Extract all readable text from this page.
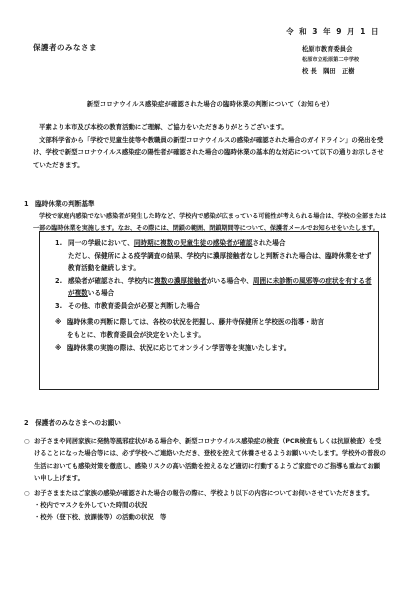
令 和 3 年 9 月 1 日
保護者のみなさま	松原市教育委員会
松原市立松原第二中学校
校 長　隅田　正樹
新型コロナウイルス感染症が確認された場合の臨時休業の判断について（お知らせ）

平素より本市及び本校の教育活動にご理解、ご協力をいただきありがとうございます。

文部科学省から「学校で児童生徒等や教職員の新型コロナウイルスの感染が確認された場合のガイドライン」の発出を受け、学校で新型コロナウイルス感染症の陽性者が確認された場合の臨時休業の基本的な対応について以下の通りお示しさせていただきます。

1　臨時休業の判断基準
学校で家庭内感染でない感染者が発生した時など、学校内で感染が広まっている可能性が考えられる場合は、学校の全部または一部の臨時休業を実施します。なお、その際には、閉鎖の範囲、閉鎖期間等について、保護者メールでお知らせをいたします。
1. 同一の学級において、同時期に複数の児童生徒の感染者が確認された場合
ただし、保健所による疫学調査の結果、学校内に濃厚接触者なしと判断された場合は、臨時休業をせず教育活動を継続します。
2. 感染者が確認され、学校内に複数の濃厚接触者がいる場合や、周囲に未診断の風邪等の症状を有する者が複数いる場合
3. その他、市教育委員会が必要と判断した場合
※ 臨時休業の判断に際しては、各校の状況を把握し、藤井寺保健所と学校医の指導・助言
をもとに、市教育委員会が決定をいたします。
※ 臨時休業の実施の際は、状況に応じてオンライン学習等を実施いたします。
2　保護者のみなさまへのお願い
○ お子さまや同居家族に発熱等風邪症状がある場合や、新型コロナウイルス感染症の検査（PCR検査もしくは抗原検査）を受けることになった場合等には、必ず学校へご連絡いただき、登校を控えて休養させるようお願いいたします。学校外の普段の生活においても感染対策を徹底し、感染リスクの高い活動を控えるなど適切に行動するようご家庭でのご指導も重ねてお願い申し上げます。
○ お子さままたはご家族の感染が確認された場合の報告の際に、学校より以下の内容についてお伺いさせていただきます。
・校内でマスクを外していた時間の状況
・校外（登下校、放課後等）の活動の状況　等
